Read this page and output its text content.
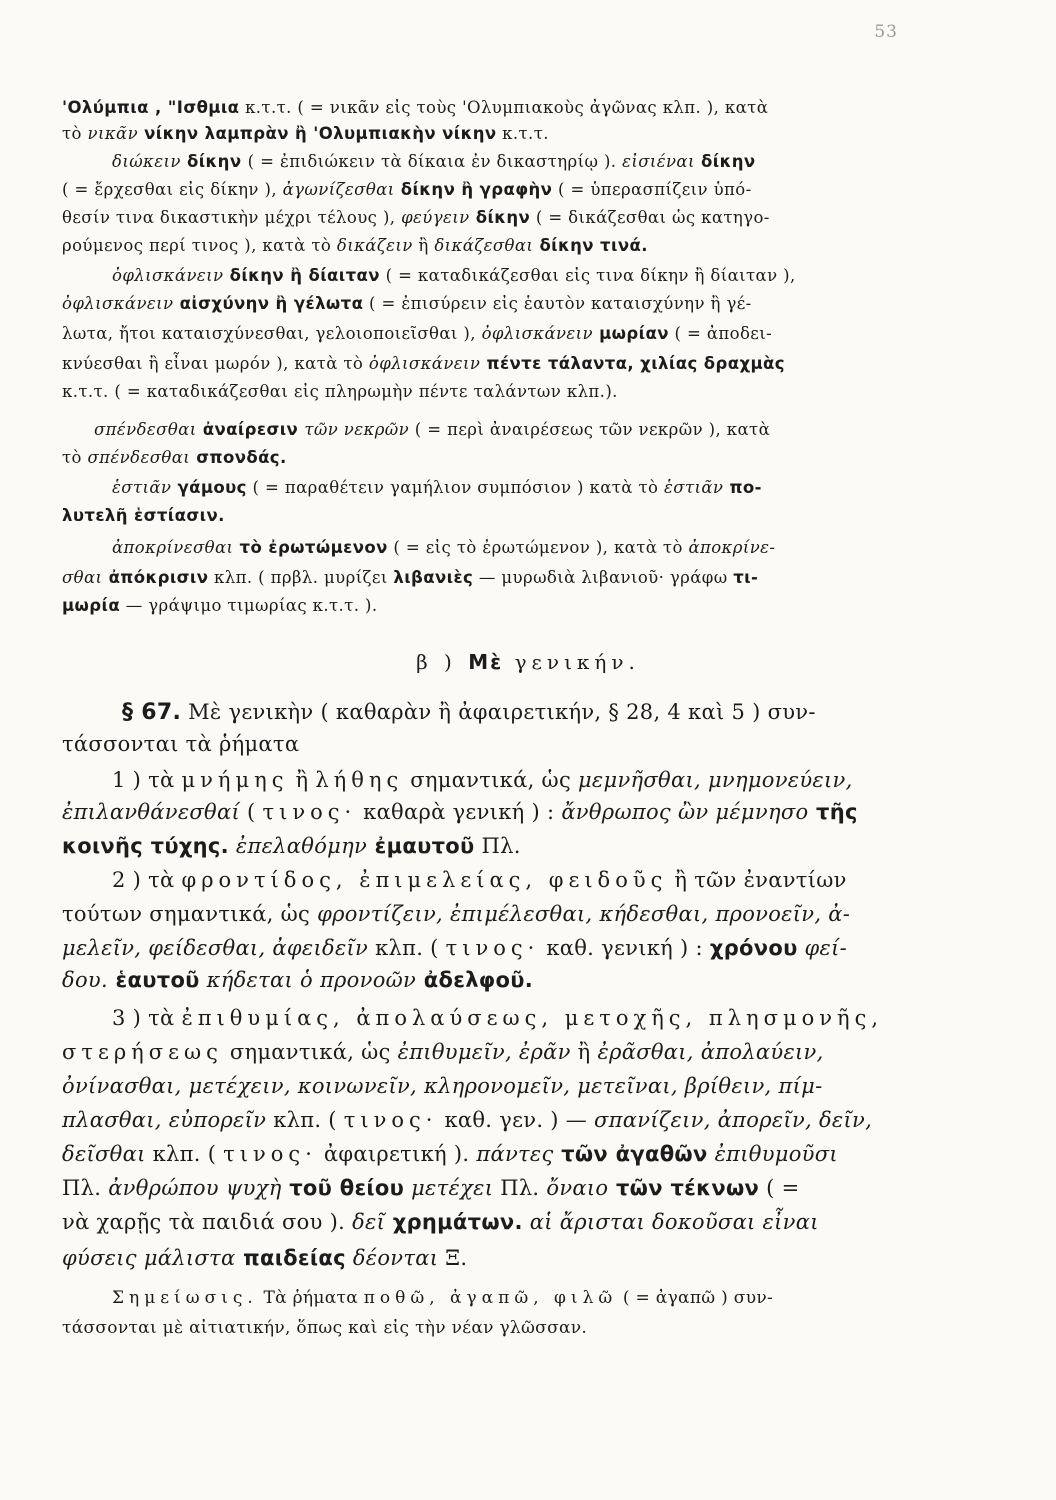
53
'Ολύμπια , "Ισθμια κ.τ.τ. ( = νικᾶν εἰς τοὺς 'Ολυμπιακοὺς ἀγῶνας κλπ. ), κατὰ
τὸ νικᾶν νίκην λαμπρὰν ἢ 'Ολυμπιακὴν νίκην κ.τ.τ.
διώκειν δίκην ( = ἐπιδιώκειν τὰ δίκαια ἐν δικαστηρίῳ ). εἰσιέναι δίκην
( = ἔρχεσθαι εἰς δίκην ), ἀγωνίζεσθαι δίκην ἢ γραφὴν ( = ὑπερασπίζειν ὑπό-
θεσίν τινα δικαστικὴν μέχρι τέλους ), φεύγειν δίκην ( = δικάζεσθαι ὡς κατηγο-
ρούμενος περί τινος ), κατὰ τὸ δικάζειν ἢ δικάζεσθαι δίκην τινά.
ὀφλισκάνειν δίκην ἢ δίαιταν ( = καταδικάζεσθαι εἰς τινα δίκην ἢ δίαιταν ),
ὀφλισκάνειν αἰσχύνην ἢ γέλωτα ( = ἐπισύρειν εἰς ἑαυτὸν καταισχύνην ἢ γέ-
λωτα, ἤτοι καταισχύνεσθαι, γελοιοποιεῖσθαι ), ὀφλισκάνειν μωρίαν ( = ἀποδει-
κνύεσθαι ἢ εἶναι μωρόν ), κατὰ τὸ ὀφλισκάνειν πέντε τάλαντα, χιλίας δραχμὰς
κ.τ.τ. ( = καταδικάζεσθαι εἰς πληρωμὴν πέντε ταλάντων κλπ.).
σπένδεσθαι ἀναίρεσιν τῶν νεκρῶν ( = περὶ ἀναιρέσεως τῶν νεκρῶν ), κατὰ
τὸ σπένδεσθαι σπονδάς.
ἑστιᾶν γάμους ( = παραθέτειν γαμήλιον συμπόσιον ) κατὰ τὸ ἑστιᾶν πο-
λυτελῆ ἑστίασιν.
ἀποκρίνεσθαι τὸ ἐρωτώμενον ( = εἰς τὸ ἐρωτώμενον ), κατὰ τὸ ἀποκρίνε-
σθαι ἀπόκρισιν κλπ. ( πρβλ. μυρίζει λιβανιὲς — μυρωδιὰ λιβανιοῦ· γράφω τι-
μωρία — γράψιμο τιμωρίας κ.τ.τ. ).
β ) Μὲ γενικήν.
§ 67. Μὲ γενικὴν ( καθαρὰν ἢ ἀφαιρετικήν, § 28, 4 καὶ 5 ) συν-
τάσσονται τὰ ῥήματα
1 ) τὰ μνήμης ἢ λήθης σημαντικά, ὡς μεμνῆσθαι, μνημονεύειν,
ἐπιλανθάνεσθαί ( τινος· καθαρὰ γενική ) : ἄνθρωπος ὢν μέμνησο τῆς
κοινῆς τύχης. ἐπελαθόμην ἐμαυτοῦ Πλ.
2 ) τὰ φροντίδος, ἐπιμελείας, φειδοῦς ἢ τῶν ἐναντίων
τούτων σημαντικά, ὡς φροντίζειν, ἐπιμέλεσθαι, κήδεσθαι, προνοεῖν, ἀ-
μελεῖν, φείδεσθαι, ἀφειδεῖν κλπ. ( τινος· καθ. γενική ) : χρόνου φεί-
δου. ἑαυτοῦ κήδεται ὁ προνοῶν ἀδελφοῦ.
3 ) τὰ ἐπιθυμίας, ἀπολαύσεως, μετοχῆς, πλησμονῆς,
στερήσεως σημαντικά, ὡς ἐπιθυμεῖν, ἐρᾶν ἢ ἐρᾶσθαι, ἀπολαύειν,
ὀνίνασθαι, μετέχειν, κοινωνεῖν, κληρονομεῖν, μετεῖναι, βρίθειν, πίμ-
πλασθαι, εὐπορεῖν κλπ. ( τινος· καθ. γεν. ) — σπανίζειν, ἀπορεῖν, δεῖν,
δεῖσθαι κλπ. ( τινος· ἀφαιρετική ). πάντες τῶν ἀγαθῶν ἐπιθυμοῦσι
Πλ. ἀνθρώπου ψυχὴ τοῦ θείου μετέχει Πλ. ὄναιο τῶν τέκνων ( =
νὰ χαρῇς τὰ παιδιά σου ). δεῖ χρημάτων. αἱ ἄρισται δοκοῦσαι εἶναι
φύσεις μάλιστα παιδείας δέονται Ξ.
Σημείωσις. Τὰ ῥήματα ποθῶ, ἀγαπῶ, φιλῶ ( = ἀγαπῶ ) συν-
τάσσονται μὲ αἰτιατικήν, ὅπως καὶ εἰς τὴν νέαν γλῶσσαν.
